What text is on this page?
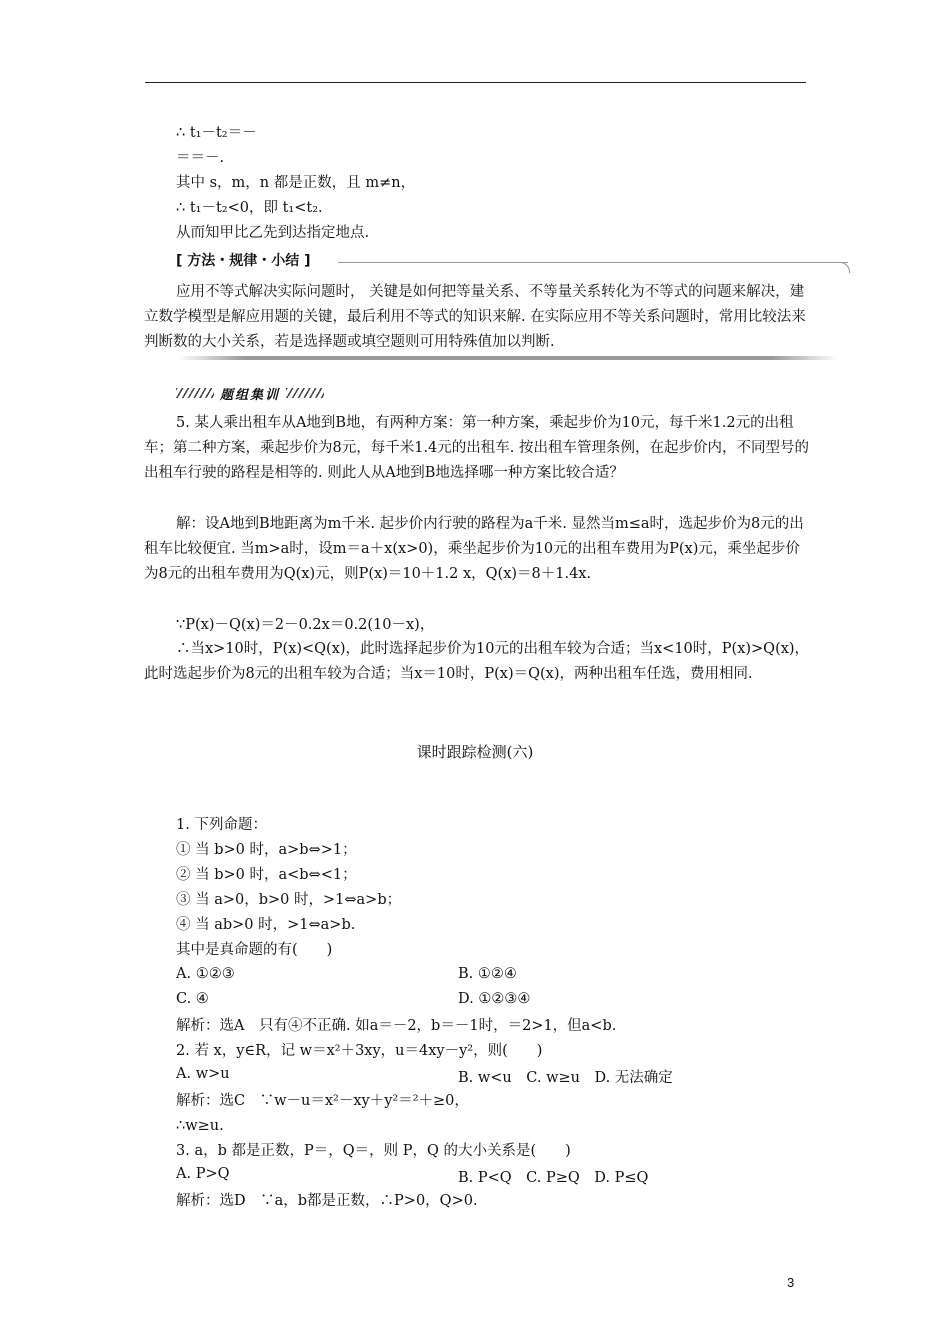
∴ t₁－t₂＝－
＝＝－.
其中 s，m，n 都是正数，且 m≠n，
∴ t₁－t₂<0，即 t₁<t₂.
从而知甲比乙先到达指定地点.
[ 方法・规律・小结 ]
应用不等式解决实际问题时， 关键是如何把等量关系、不等量关系转化为不等式的问题来解决，建立数学模型是解应用题的关键，最后利用不等式的知识来解. 在实际应用不等关系问题时，常用比较法来判断数的大小关系，若是选择题或填空题则可用特殊值加以判断.
题组集训
5. 某人乘出租车从A地到B地，有两种方案：第一种方案，乘起步价为10元，每千米1.2元的出租车；第二种方案，乘起步价为8元，每千米1.4元的出租车. 按出租车管理条例，在起步价内，不同型号的出租车行驶的路程是相等的. 则此人从A地到B地选择哪一种方案比较合适？
解：设A地到B地距离为m千米. 起步价内行驶的路程为a千米. 显然当m≤a时，选起步价为8元的出租车比较便宜. 当m>a时，设m＝a＋x(x>0)，乘坐起步价为10元的出租车费用为P(x)元，乘坐起步价为8元的出租车费用为Q(x)元，则P(x)＝10＋1.2 x，Q(x)＝8＋1.4x.
∵P(x)－Q(x)＝2－0.2x＝0.2(10－x)，
∴当x>10时，P(x)<Q(x)，此时选择起步价为10元的出租车较为合适；当x<10时，P(x)>Q(x)，此时选起步价为8元的出租车较为合适；当x＝10时，P(x)＝Q(x)，两种出租车任选，费用相同.
课时跟踪检测(六)
1. 下列命题：
① 当 b>0 时，a>b⇔>1；
② 当 b>0 时，a<b⇔<1；
③ 当 a>0，b>0 时，>1⇔a>b；
④ 当 ab>0 时，>1⇔a>b.
其中是真命题的有(　　)
A. ①②③	B. ①②④
C. ④	D. ①②③④
解析：选A　只有④不正确. 如a＝－2，b＝－1时，＝2>1，但a<b.
2. 若 x，y∈R，记 w＝x²＋3xy，u＝4xy－y²，则(　　)
A. w>u	B. w<u　C. w≥u　D. 无法确定
解析：选C　∵w－u＝x²－xy＋y²＝²＋≥0，
∴w≥u.
3. a，b 都是正数，P＝，Q＝，则 P，Q 的大小关系是(　　)
A. P>Q	B. P<Q　C. P≥Q　D. P≤Q
解析：选D　∵a，b都是正数，∴P>0，Q>0.
3
